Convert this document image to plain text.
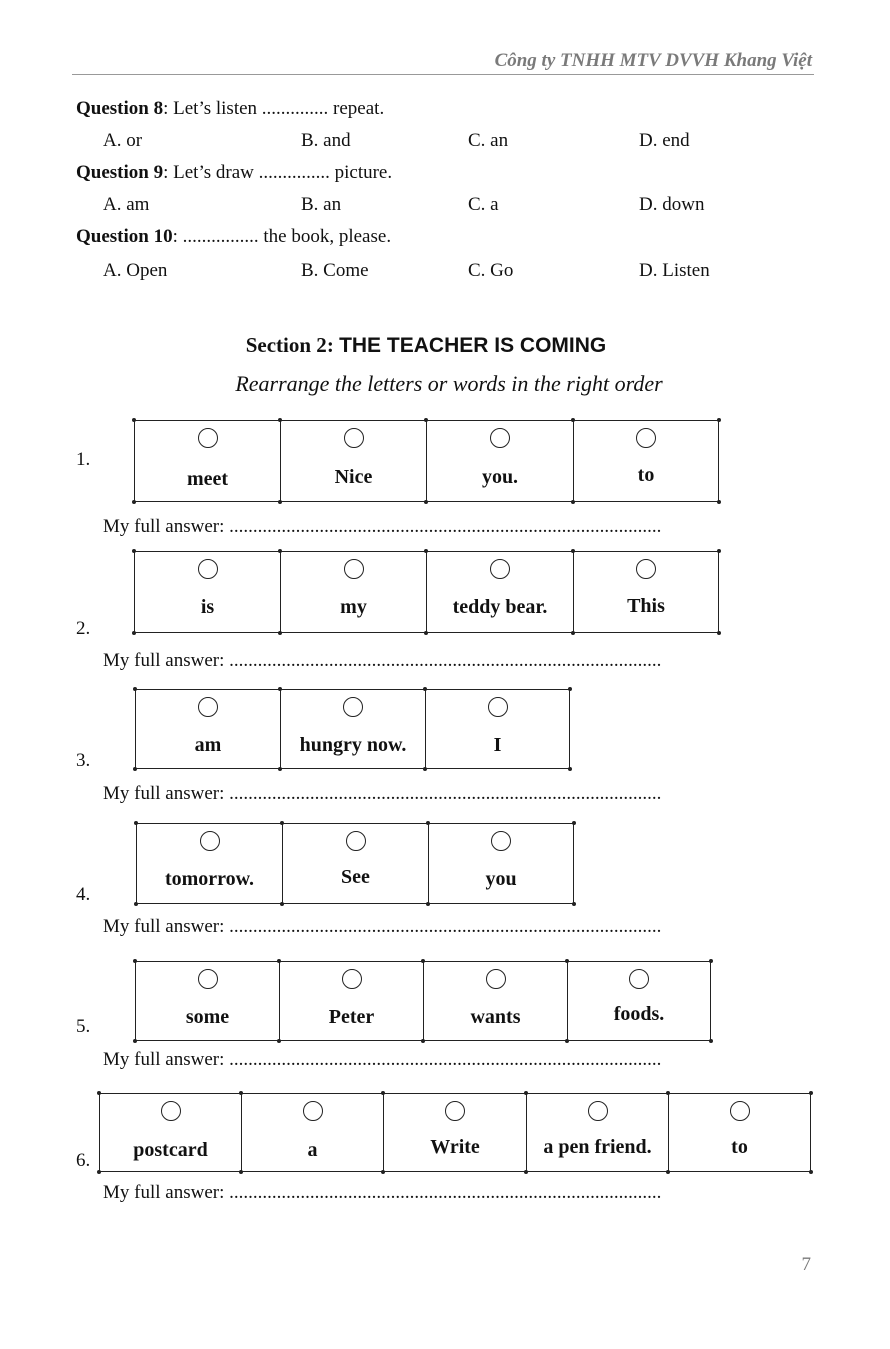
Công ty TNHH MTV DVVH Khang Việt
Question 8: Let’s listen .............. repeat.
A. or	B. and	C. an	D. end
Question 9: Let’s draw ............... picture.
A. am	B. an	C. a	D. down
Question 10: ................ the book, please.
A. Open	B. Come	C. Go	D. Listen
Section 2: THE TEACHER IS COMING
Rearrange the letters or words in the right order
1.
meet	Nice	you.	to
My full answer: ...........................................................................................
2.
is	my	teddy bear.	This
My full answer: ...........................................................................................
3.
am	hungry now.	I
My full answer: ...........................................................................................
4.
tomorrow.	See	you
My full answer: ...........................................................................................
5.	some	Peter	wants	foods.
My full answer: ...........................................................................................
6.	postcard	a	Write	a pen friend.	to
My full answer: ...........................................................................................
7
